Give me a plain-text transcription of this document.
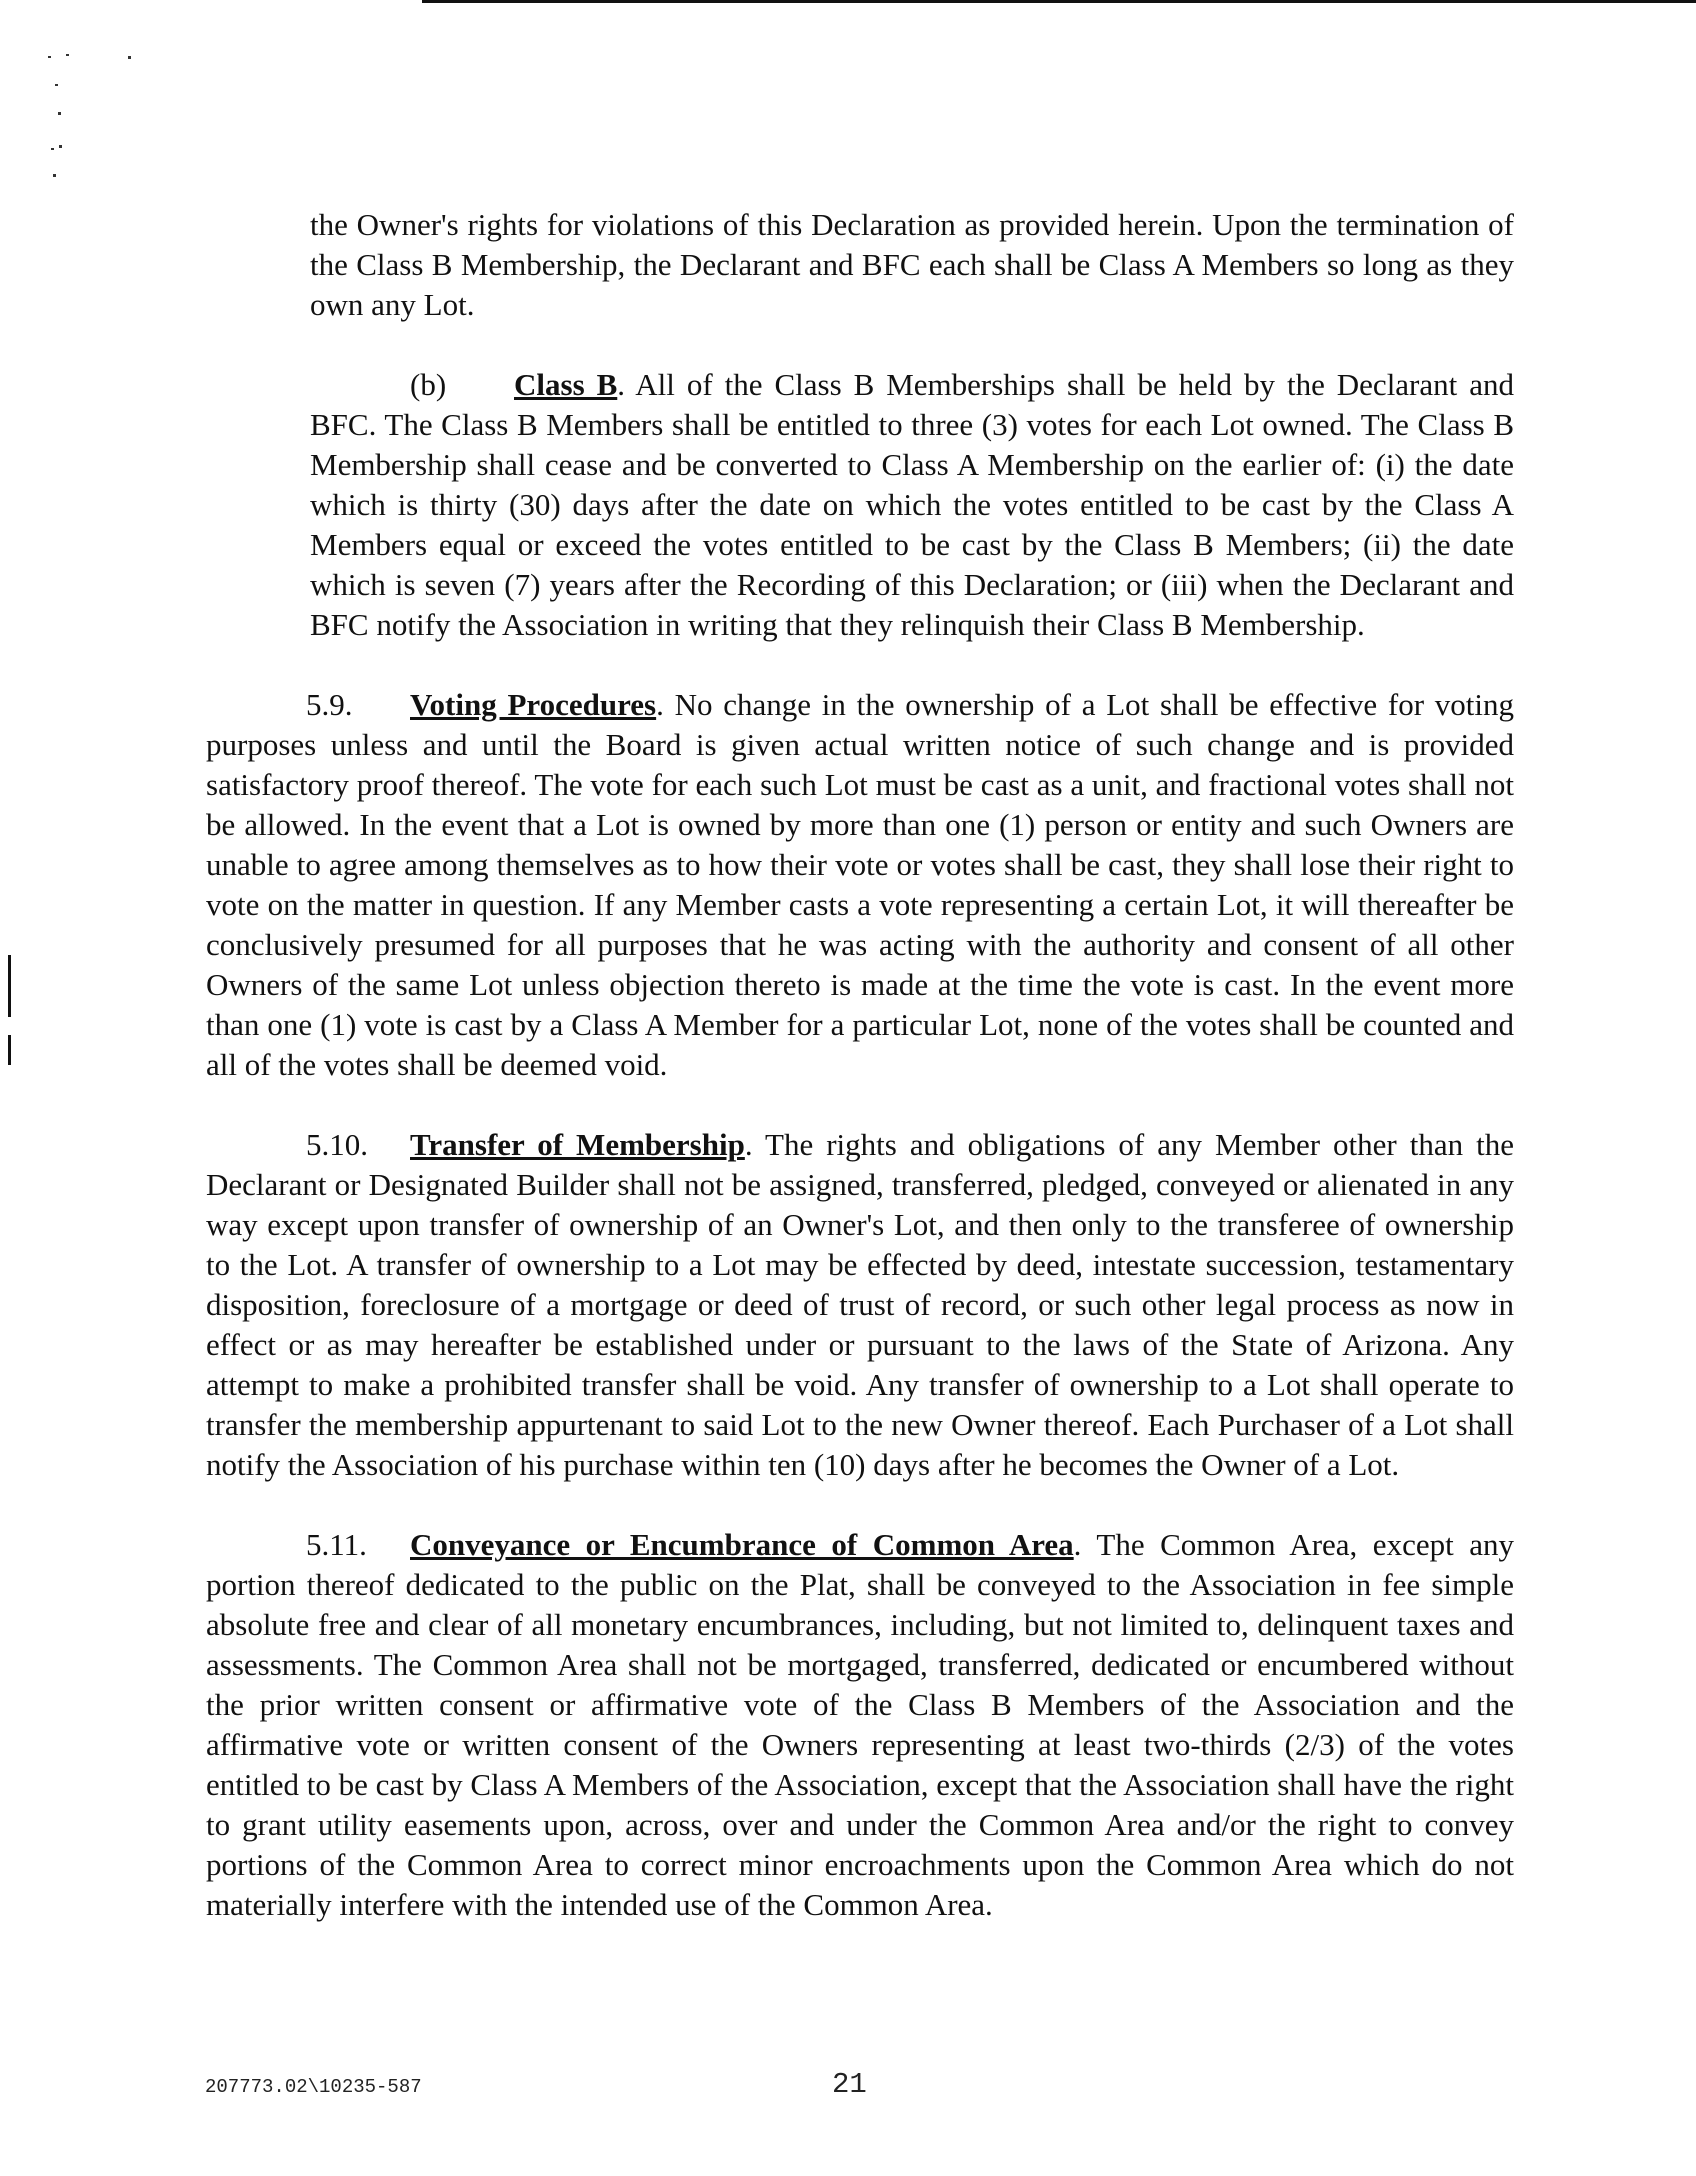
the Owner's rights for violations of this Declaration as provided herein. Upon the termination of the Class B Membership, the Declarant and BFC each shall be Class A Members so long as they own any Lot.

(b) Class B. All of the Class B Memberships shall be held by the Declarant and BFC. The Class B Members shall be entitled to three (3) votes for each Lot owned. The Class B Membership shall cease and be converted to Class A Membership on the earlier of: (i) the date which is thirty (30) days after the date on which the votes entitled to be cast by the Class A Members equal or exceed the votes entitled to be cast by the Class B Members; (ii) the date which is seven (7) years after the Recording of this Declaration; or (iii) when the Declarant and BFC notify the Association in writing that they relinquish their Class B Membership.

5.9. Voting Procedures. No change in the ownership of a Lot shall be effective for voting purposes unless and until the Board is given actual written notice of such change and is provided satisfactory proof thereof. The vote for each such Lot must be cast as a unit, and fractional votes shall not be allowed. In the event that a Lot is owned by more than one (1) person or entity and such Owners are unable to agree among themselves as to how their vote or votes shall be cast, they shall lose their right to vote on the matter in question. If any Member casts a vote representing a certain Lot, it will thereafter be conclusively presumed for all purposes that he was acting with the authority and consent of all other Owners of the same Lot unless objection thereto is made at the time the vote is cast. In the event more than one (1) vote is cast by a Class A Member for a particular Lot, none of the votes shall be counted and all of the votes shall be deemed void.

5.10. Transfer of Membership. The rights and obligations of any Member other than the Declarant or Designated Builder shall not be assigned, transferred, pledged, conveyed or alienated in any way except upon transfer of ownership of an Owner's Lot, and then only to the transferee of ownership to the Lot. A transfer of ownership to a Lot may be effected by deed, intestate succession, testamentary disposition, foreclosure of a mortgage or deed of trust of record, or such other legal process as now in effect or as may hereafter be established under or pursuant to the laws of the State of Arizona. Any attempt to make a prohibited transfer shall be void. Any transfer of ownership to a Lot shall operate to transfer the membership appurtenant to said Lot to the new Owner thereof. Each Purchaser of a Lot shall notify the Association of his purchase within ten (10) days after he becomes the Owner of a Lot.

5.11. Conveyance or Encumbrance of Common Area. The Common Area, except any portion thereof dedicated to the public on the Plat, shall be conveyed to the Association in fee simple absolute free and clear of all monetary encumbrances, including, but not limited to, delinquent taxes and assessments. The Common Area shall not be mortgaged, transferred, dedicated or encumbered without the prior written consent or affirmative vote of the Class B Members of the Association and the affirmative vote or written consent of the Owners representing at least two-thirds (2/3) of the votes entitled to be cast by Class A Members of the Association, except that the Association shall have the right to grant utility easements upon, across, over and under the Common Area and/or the right to convey portions of the Common Area to correct minor encroachments upon the Common Area which do not materially interfere with the intended use of the Common Area.

207773.02\10235-587	21
